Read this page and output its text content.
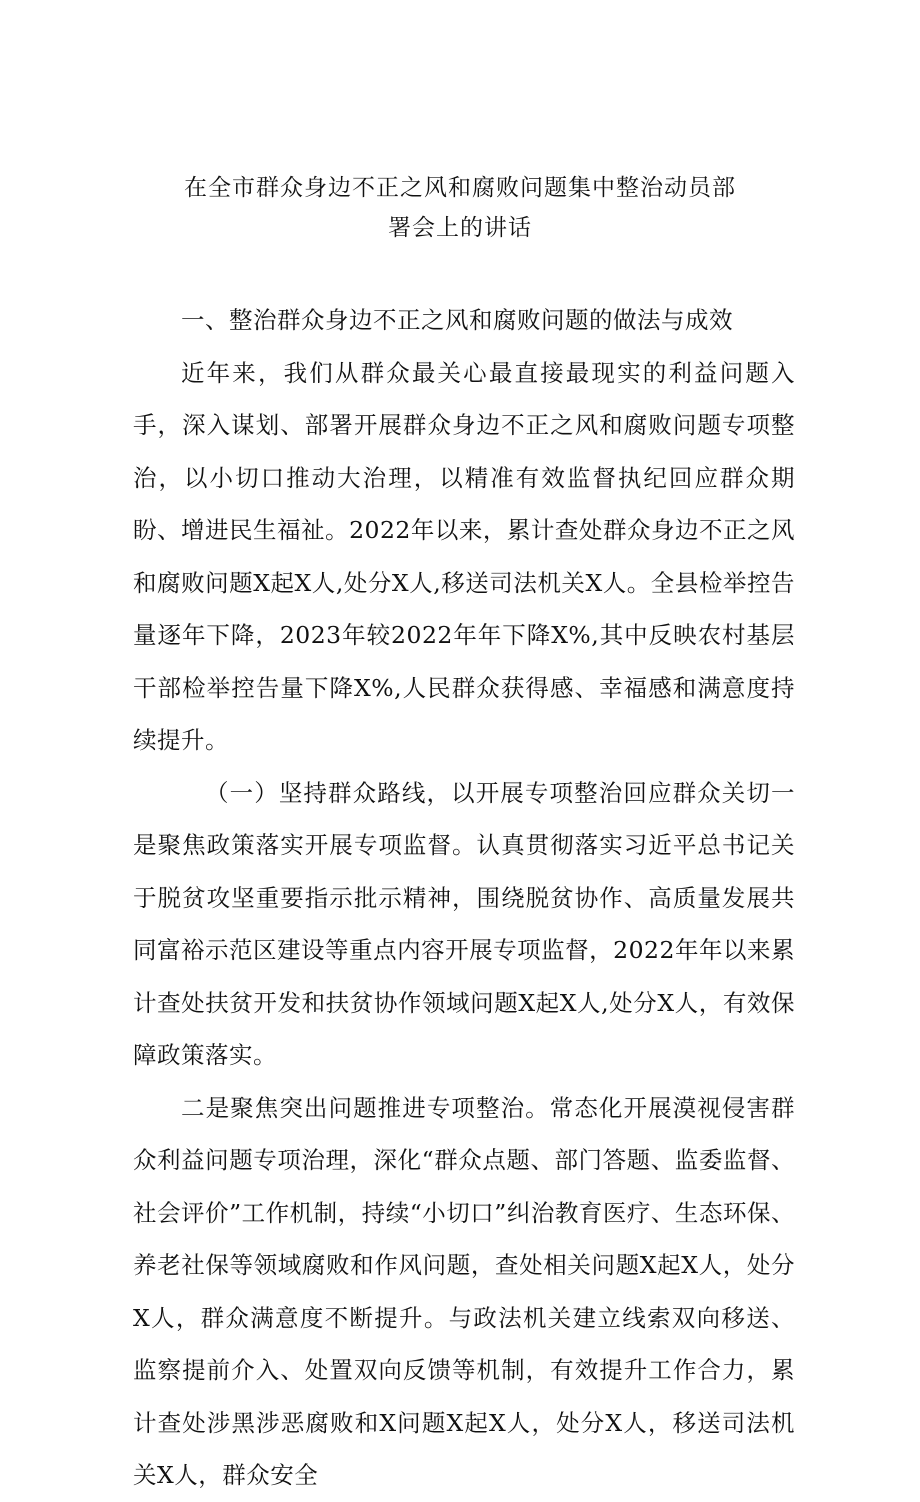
在全市群众身边不正之风和腐败问题集中整治动员部
署会上的讲话

一、整治群众身边不正之风和腐败问题的做法与成效

近年来，我们从群众最关心最直接最现实的利益问题入手，深入谋划、部署开展群众身边不正之风和腐败问题专项整治，以小切口推动大治理，以精准有效监督执纪回应群众期盼、增进民生福祉。2022年以来，累计查处群众身边不正之风和腐败问题X起X人,处分X人,移送司法机关X人。全县检举控告量逐年下降，2023年较2022年年下降X%,其中反映农村基层干部检举控告量下降X%,人民群众获得感、幸福感和满意度持续提升。

（一）坚持群众路线，以开展专项整治回应群众关切一是聚焦政策落实开展专项监督。认真贯彻落实习近平总书记关于脱贫攻坚重要指示批示精神，围绕脱贫协作、高质量发展共同富裕示范区建设等重点内容开展专项监督，2022年年以来累计查处扶贫开发和扶贫协作领域问题X起X人,处分X人，有效保障政策落实。

二是聚焦突出问题推进专项整治。常态化开展漠视侵害群众利益问题专项治理，深化“群众点题、部门答题、监委监督、社会评价”工作机制，持续“小切口”纠治教育医疗、生态环保、养老社保等领域腐败和作风问题，查处相关问题X起X人，处分X人，群众满意度不断提升。与政法机关建立线索双向移送、监察提前介入、处置双向反馈等机制，有效提升工作合力，累计查处涉黑涉恶腐败和X问题X起X人，处分X人，移送司法机关X人，群众安全
